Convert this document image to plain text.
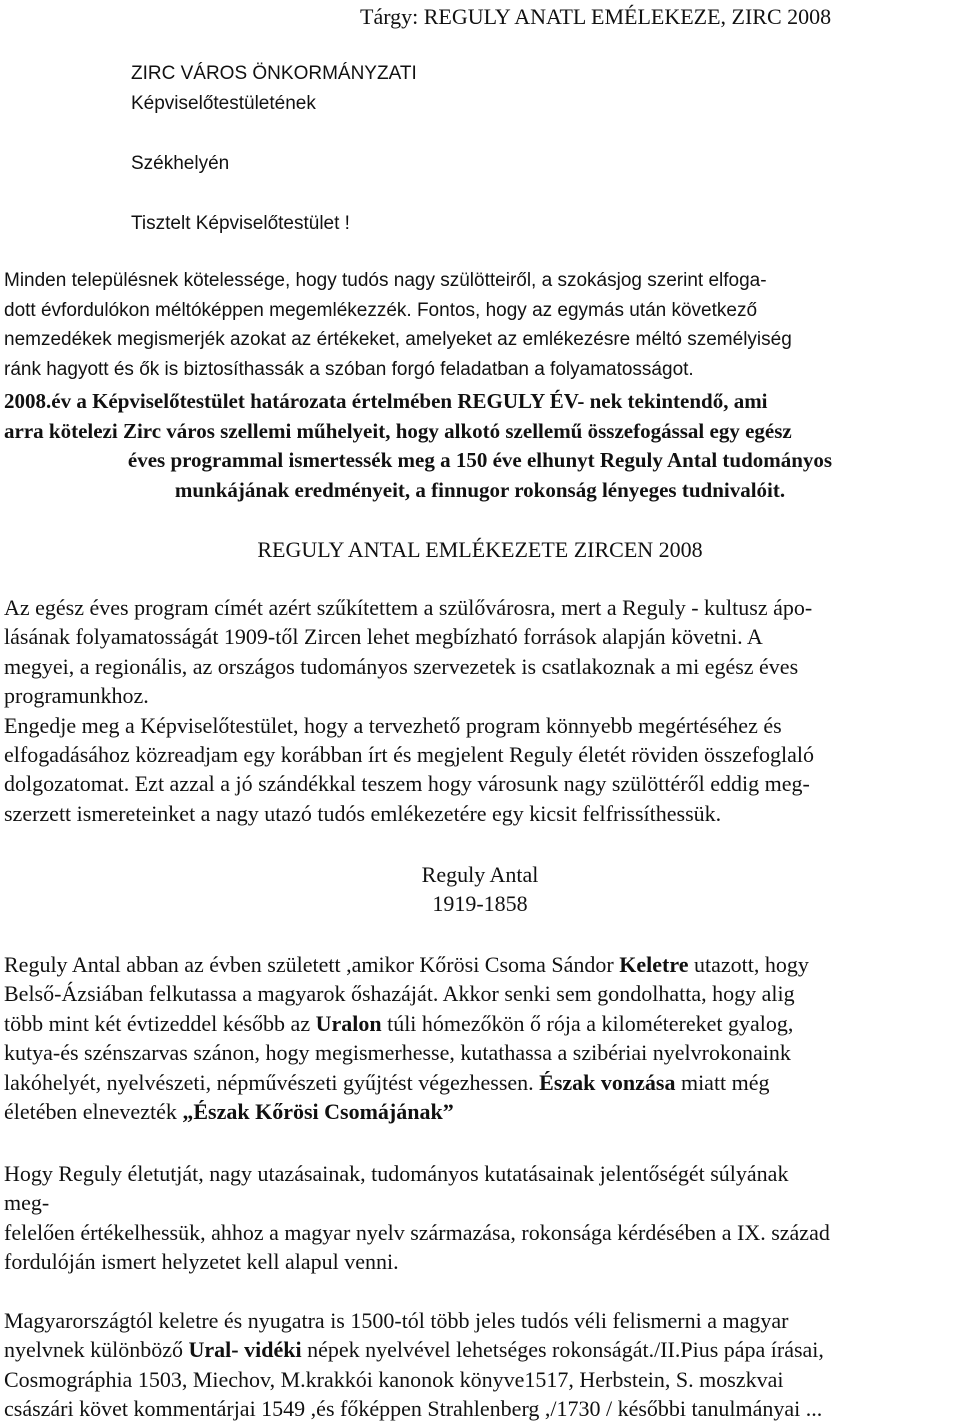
Tárgy: REGULY ANATL EMÉLEKEZE, ZIRC 2008
ZIRC VÁROS ÖNKORMÁNYZATI
Képviselőtestületének
Székhelyén
Tisztelt Képviselőtestület !
Minden településnek kötelessége, hogy tudós nagy szülötteiről, a szokásjog szerint elfoga-
dott évfordulókon méltóképpen megemlékezzék. Fontos, hogy az egymás után következő
nemzedékek megismerjék azokat az értékeket, amelyeket az emlékezésre méltó személyiség
ránk hagyott és ők is biztosíthassák a szóban forgó feladatban a folyamatosságot.
2008.év a Képviselőtestület határozata értelmében REGULY ÉV- nek tekintendő, ami
arra kötelezi Zirc város szellemi műhelyeit, hogy alkotó szellemű összefogással egy egész
éves programmal ismertessék meg a 150 éve elhunyt Reguly Antal tudományos
munkájának eredményeit, a finnugor rokonság lényeges tudnivalóit.
REGULY ANTAL EMLÉKEZETE ZIRCEN 2008
Az egész éves program címét azért szűkítettem a szülővárosra, mert a Reguly - kultusz ápo-
lásának folyamatosságát 1909-től Zircen lehet megbízható források alapján követni. A
megyei, a regionális, az országos tudományos szervezetek is csatlakoznak a mi egész éves
programunkhoz.
Engedje meg a Képviselőtestület, hogy a tervezhető program könnyebb megértéséhez és
elfogadásához közreadjam egy korábban írt és megjelent Reguly életét röviden összefoglaló
dolgozatomat. Ezt azzal a jó szándékkal teszem hogy városunk nagy szülöttéről eddig meg-
szerzett ismereteinket a nagy utazó tudós emlékezetére egy kicsit felfrissíthessük.
Reguly Antal
1919-1858
Reguly Antal abban az évben született ,amikor Kőrösi Csoma Sándor Keletre utazott, hogy
Belső-Ázsiában felkutassa a magyarok őshazáját. Akkor senki sem gondolhatta, hogy alig
több mint két évtizeddel később az Uralon túli hómezőkön ő rója a kilométereket gyalog,
kutya-és szénszarvas szánon, hogy megismerhesse, kutathassa a szibériai nyelvrokonaink
lakóhelyét, nyelvészeti, népművészeti gyűjtést végezhessen. Észak vonzása miatt még
életében elnevezték „Észak Kőrösi Csomájának”
Hogy Reguly életutját, nagy utazásainak, tudományos kutatásainak jelentőségét súlyának
meg-
felelően értékelhessük, ahhoz a magyar nyelv származása, rokonsága kérdésében a IX. század
fordulóján ismert helyzetet kell alapul venni.
Magyarországtól keletre és nyugatra is 1500-tól több jeles tudós véli felismerni a magyar
nyelvnek különböző Ural- vidéki népek nyelvével lehetséges rokonságát./II.Pius pápa írásai,
Cosmográphia 1503, Miechov, M.krakkói kanonok könyve1517, Herbstein, S. moszkvai
császári követ kommentárjai 1549 ,és főképpen Strahlenberg ,/1730 / későbbi tanulmányai ...
